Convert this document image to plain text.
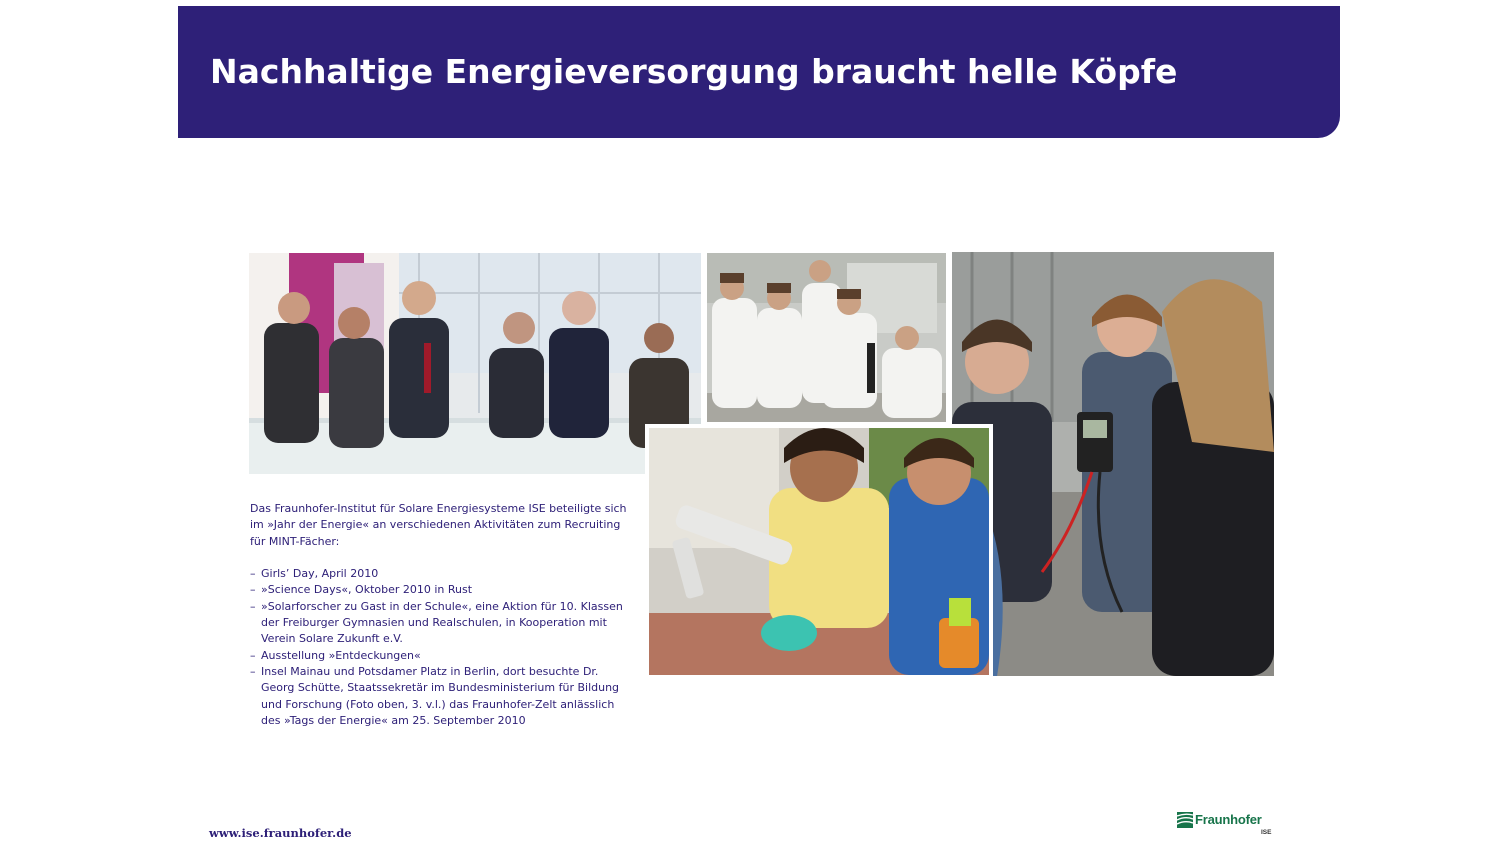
Nachhaltige Energieversorgung braucht helle Köpfe

Das Fraunhofer-Institut für Solare Energiesysteme ISE beteiligte sich im »Jahr der Energie« an verschiedenen Aktivitäten zum Recruiting für MINT-Fächer:

– Girls’ Day, April 2010
– »Science Days«, Oktober 2010 in Rust
– »Solarforscher zu Gast in der Schule«, eine Aktion für 10. Klassen der Freiburger Gymnasien und Realschulen, in Kooperation mit Verein Solare Zukunft e.V.
– Ausstellung »Entdeckungen«
– Insel Mainau und Potsdamer Platz in Berlin, dort besuchte Dr. Georg Schütte, Staatssekretär im Bundesministerium für Bildung und Forschung (Foto oben, 3. v.l.) das Fraunhofer-Zelt anlässlich des »Tags der Energie« am 25. September 2010
www.ise.fraunhofer.de
Fraunhofer
ISE
